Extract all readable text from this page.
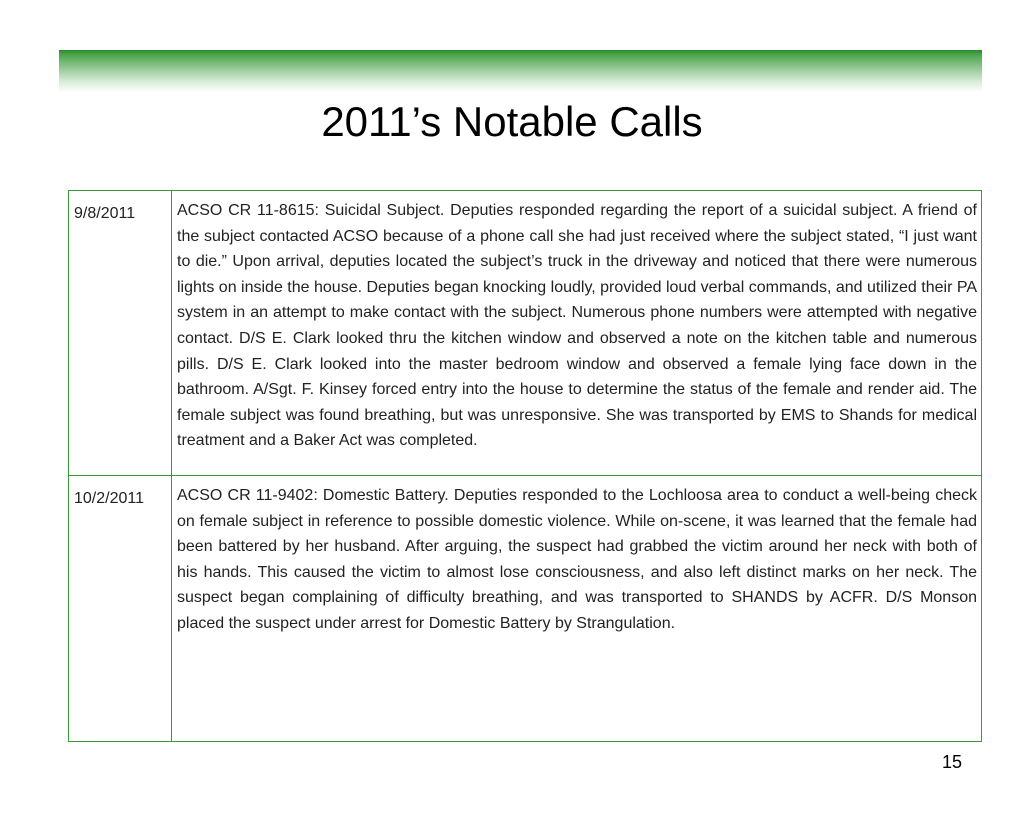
2011’s Notable Calls
9/8/2011	ACSO CR 11-8615: Suicidal Subject. Deputies responded regarding the report of a suicidal subject. A friend of the subject contacted ACSO because of a phone call she had just received where the subject stated, “I just want to die.” Upon arrival, deputies located the subject’s truck in the driveway and noticed that there were numerous lights on inside the house. Deputies began knocking loudly, provided loud verbal commands, and utilized their PA system in an attempt to make contact with the subject. Numerous phone numbers were attempted with negative contact. D/S E. Clark looked thru the kitchen window and observed a note on the kitchen table and numerous pills. D/S E. Clark looked into the master bedroom window and observed a female lying face down in the bathroom. A/Sgt. F. Kinsey forced entry into the house to determine the status of the female and render aid. The female subject was found breathing, but was unresponsive. She was transported by EMS to Shands for medical treatment and a Baker Act was completed.
10/2/2011	ACSO CR 11-9402: Domestic Battery. Deputies responded to the Lochloosa area to conduct a well-being check on female subject in reference to possible domestic violence. While on-scene, it was learned that the female had been battered by her husband. After arguing, the suspect had grabbed the victim around her neck with both of his hands. This caused the victim to almost lose consciousness, and also left distinct marks on her neck. The suspect began complaining of difficulty breathing, and was transported to SHANDS by ACFR. D/S Monson placed the suspect under arrest for Domestic Battery by Strangulation.
15
